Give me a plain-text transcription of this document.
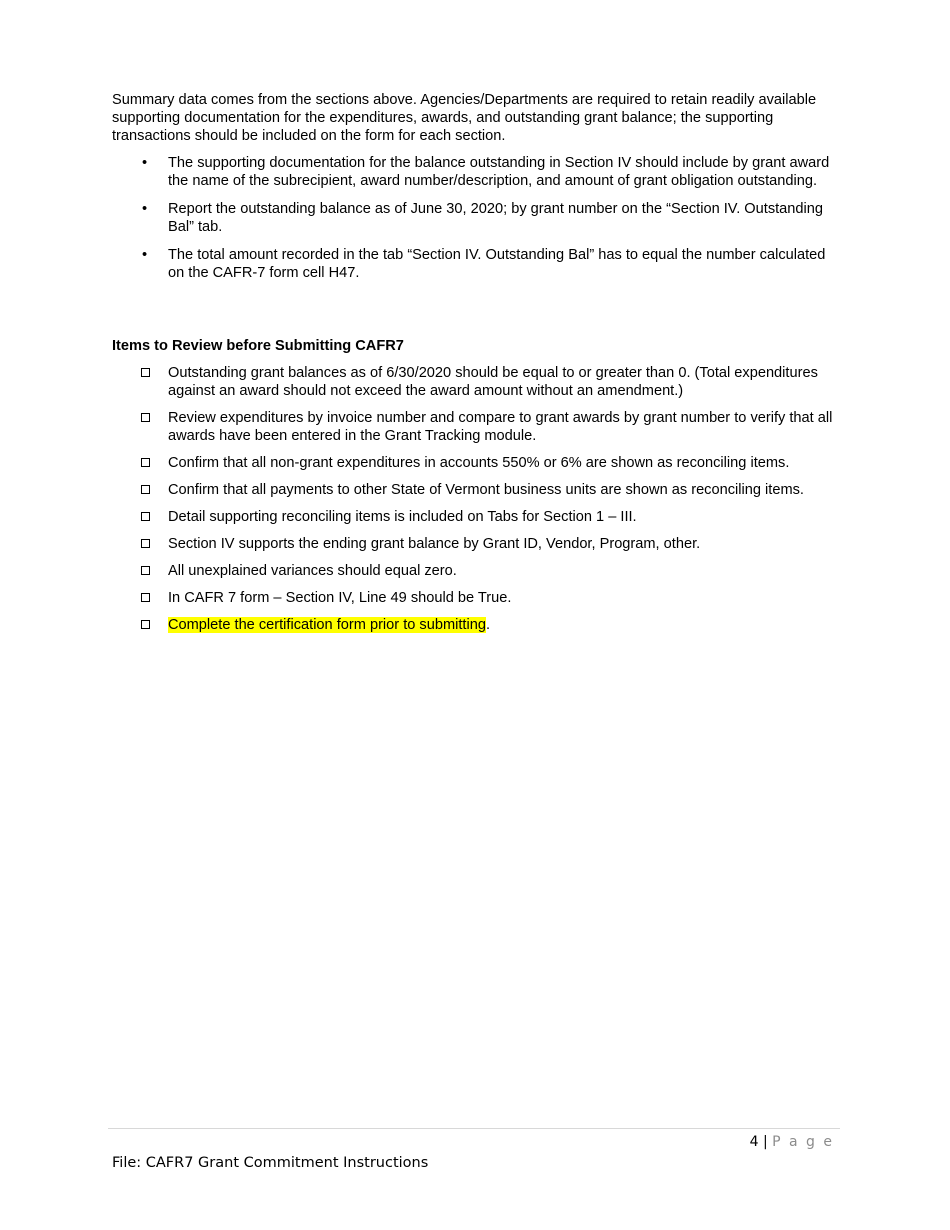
Summary data comes from the sections above. Agencies/Departments are required to retain readily available supporting documentation for the expenditures, awards, and outstanding grant balance; the supporting transactions should be included on the form for each section.

• The supporting documentation for the balance outstanding in Section IV should include by grant award the name of the subrecipient, award number/description, and amount of grant obligation outstanding.
• Report the outstanding balance as of June 30, 2020; by grant number on the “Section IV. Outstanding Bal” tab.
• The total amount recorded in the tab “Section IV. Outstanding Bal” has to equal the number calculated on the CAFR-7 form cell H47.
Items to Review before Submitting CAFR7
Outstanding grant balances as of 6/30/2020 should be equal to or greater than 0. (Total expenditures against an award should not exceed the award amount without an amendment.)
Review expenditures by invoice number and compare to grant awards by grant number to verify that all awards have been entered in the Grant Tracking module.
Confirm that all non-grant expenditures in accounts 550% or 6% are shown as reconciling items.
Confirm that all payments to other State of Vermont business units are shown as reconciling items.
Detail supporting reconciling items is included on Tabs for Section 1 – III.
Section IV supports the ending grant balance by Grant ID, Vendor, Program, other.
All unexplained variances should equal zero.
In CAFR 7 form – Section IV, Line 49 should be True.
Complete the certification form prior to submitting.
4 | P a g e
File: CAFR7 Grant Commitment Instructions
